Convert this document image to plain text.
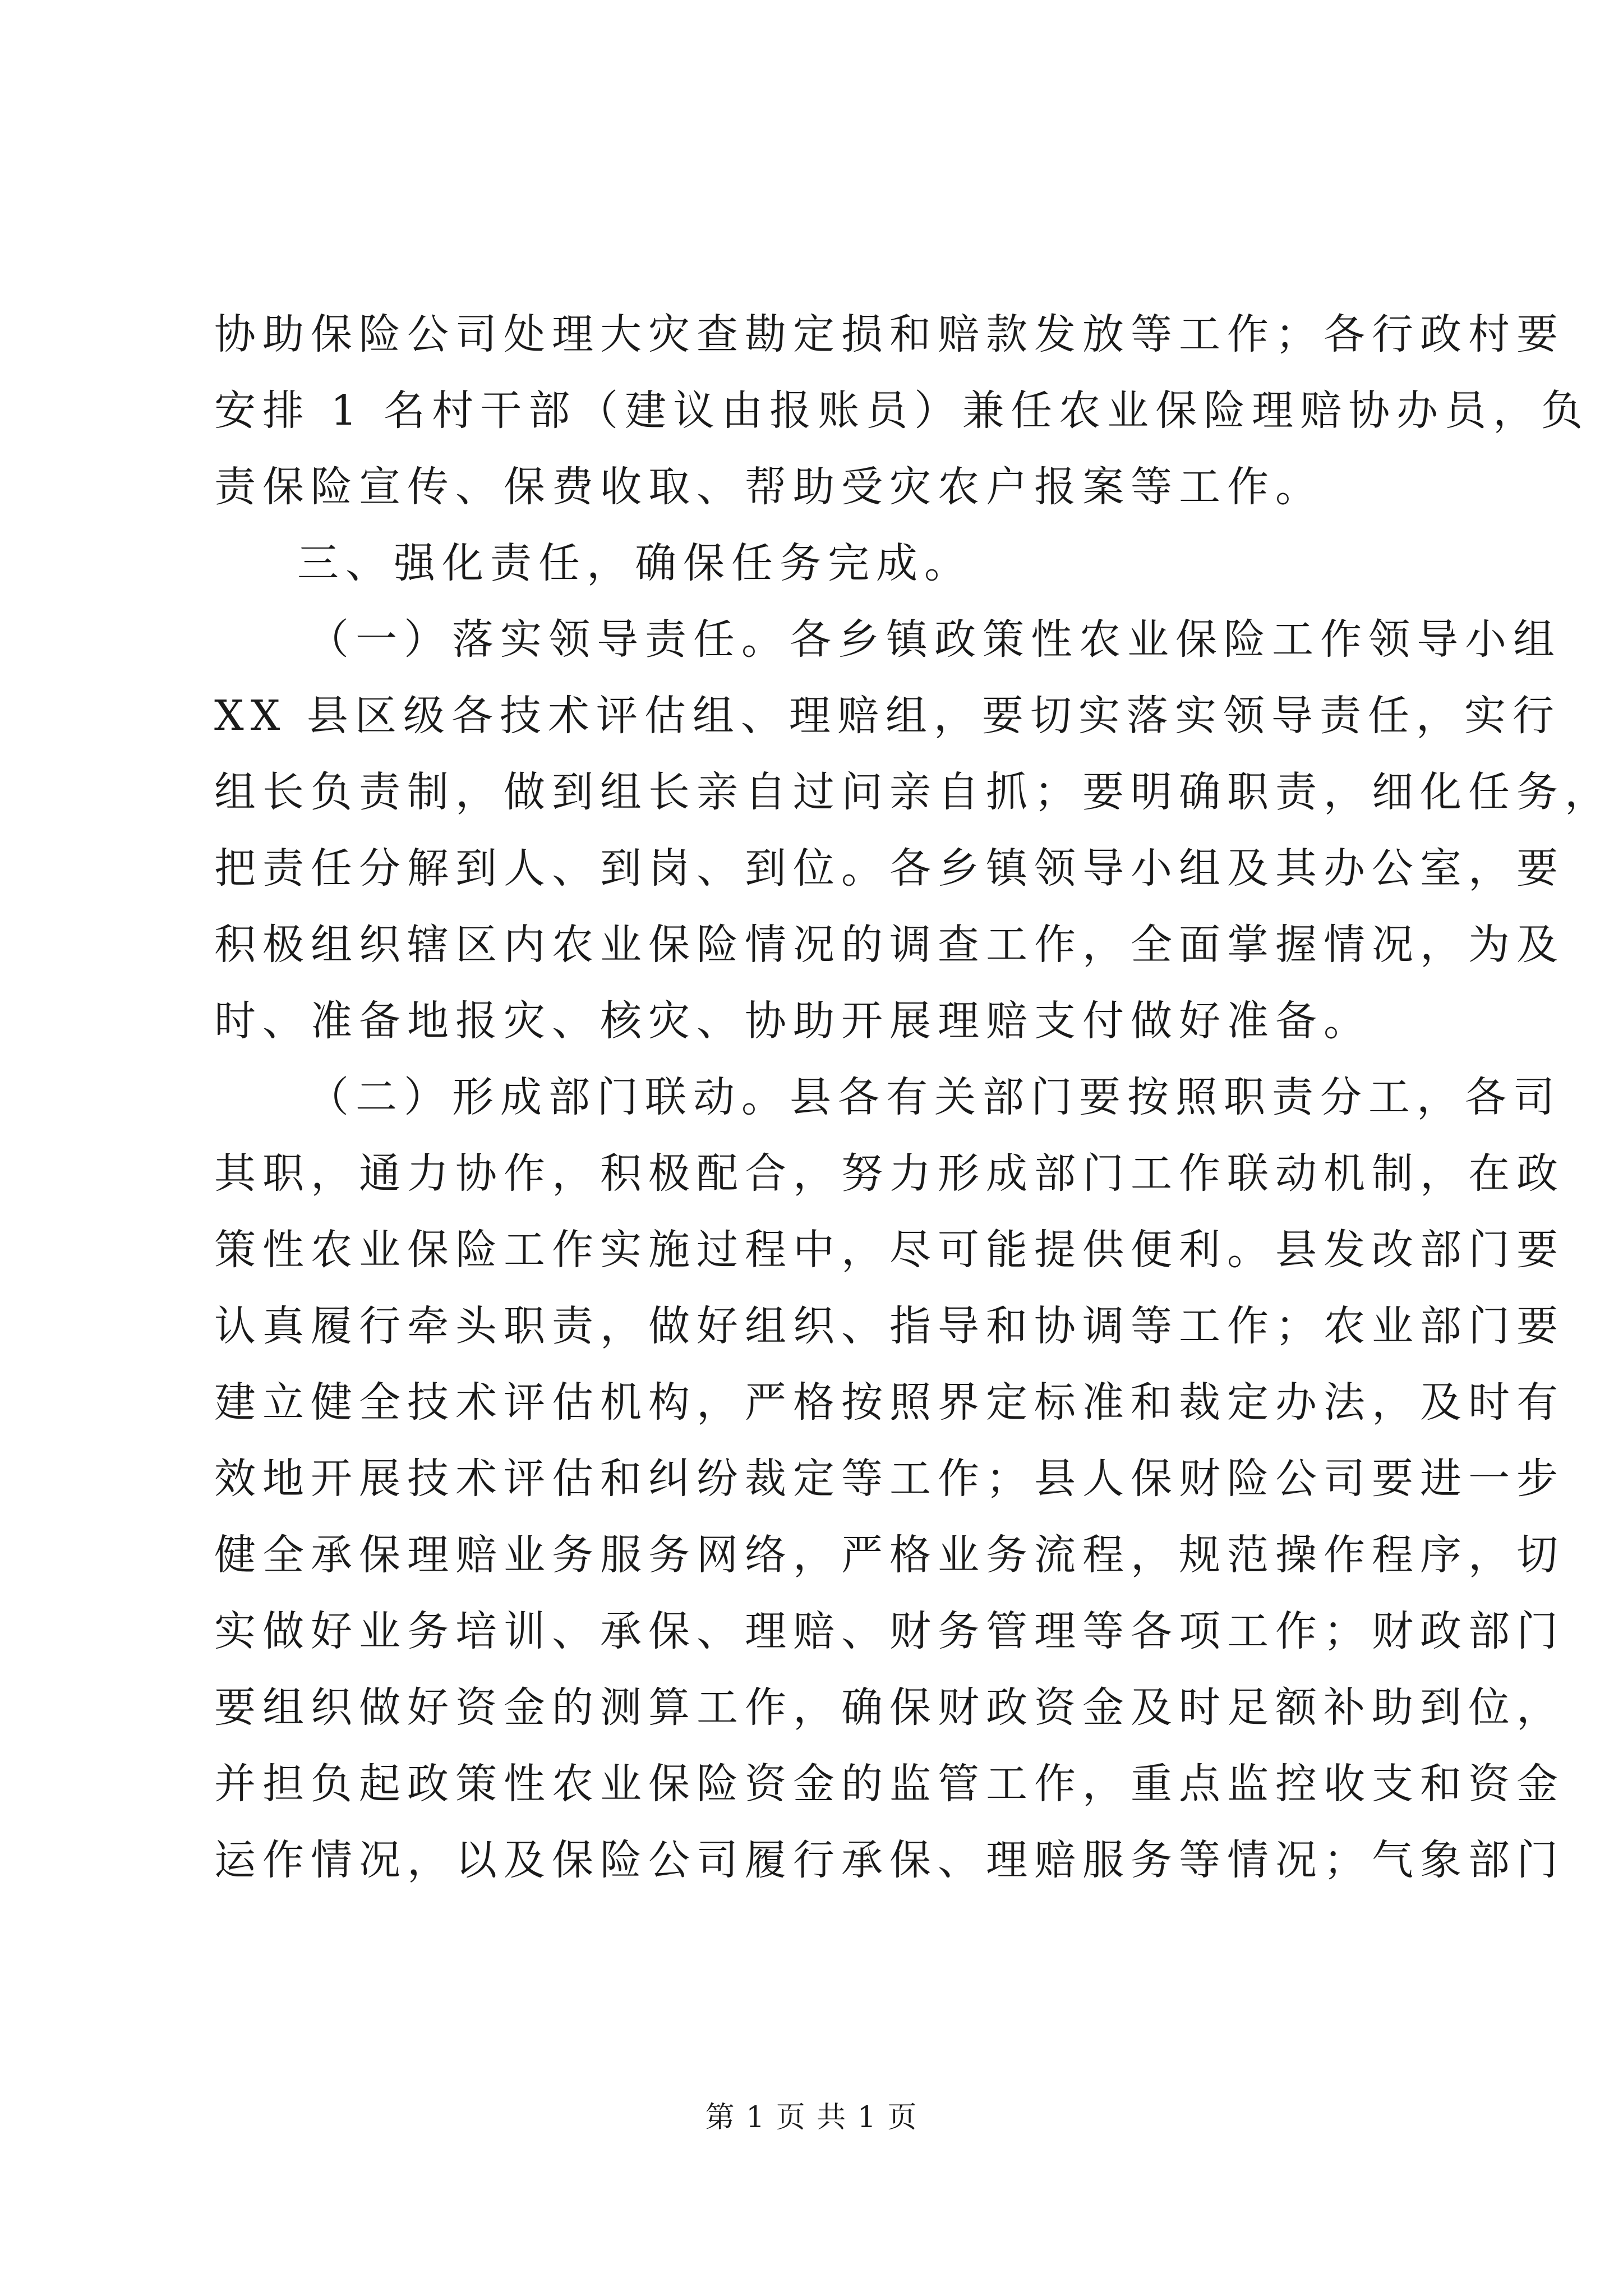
协助保险公司处理大灾查勘定损和赔款发放等工作；各行政村要
安排 1 名村干部（建议由报账员）兼任农业保险理赔协办员，负
责保险宣传、保费收取、帮助受灾农户报案等工作。
三、强化责任，确保任务完成。
（一）落实领导责任。各乡镇政策性农业保险工作领导小组
XX 县区级各技术评估组、理赔组，要切实落实领导责任，实行
组长负责制，做到组长亲自过问亲自抓；要明确职责，细化任务，
把责任分解到人、到岗、到位。各乡镇领导小组及其办公室，要
积极组织辖区内农业保险情况的调查工作，全面掌握情况，为及
时、准备地报灾、核灾、协助开展理赔支付做好准备。
（二）形成部门联动。县各有关部门要按照职责分工，各司
其职，通力协作，积极配合，努力形成部门工作联动机制，在政
策性农业保险工作实施过程中，尽可能提供便利。县发改部门要
认真履行牵头职责，做好组织、指导和协调等工作；农业部门要
建立健全技术评估机构，严格按照界定标准和裁定办法，及时有
效地开展技术评估和纠纷裁定等工作；县人保财险公司要进一步
健全承保理赔业务服务网络，严格业务流程，规范操作程序，切
实做好业务培训、承保、理赔、财务管理等各项工作；财政部门
要组织做好资金的测算工作，确保财政资金及时足额补助到位，
并担负起政策性农业保险资金的监管工作，重点监控收支和资金
运作情况，以及保险公司履行承保、理赔服务等情况；气象部门
第 1 页 共 1 页
